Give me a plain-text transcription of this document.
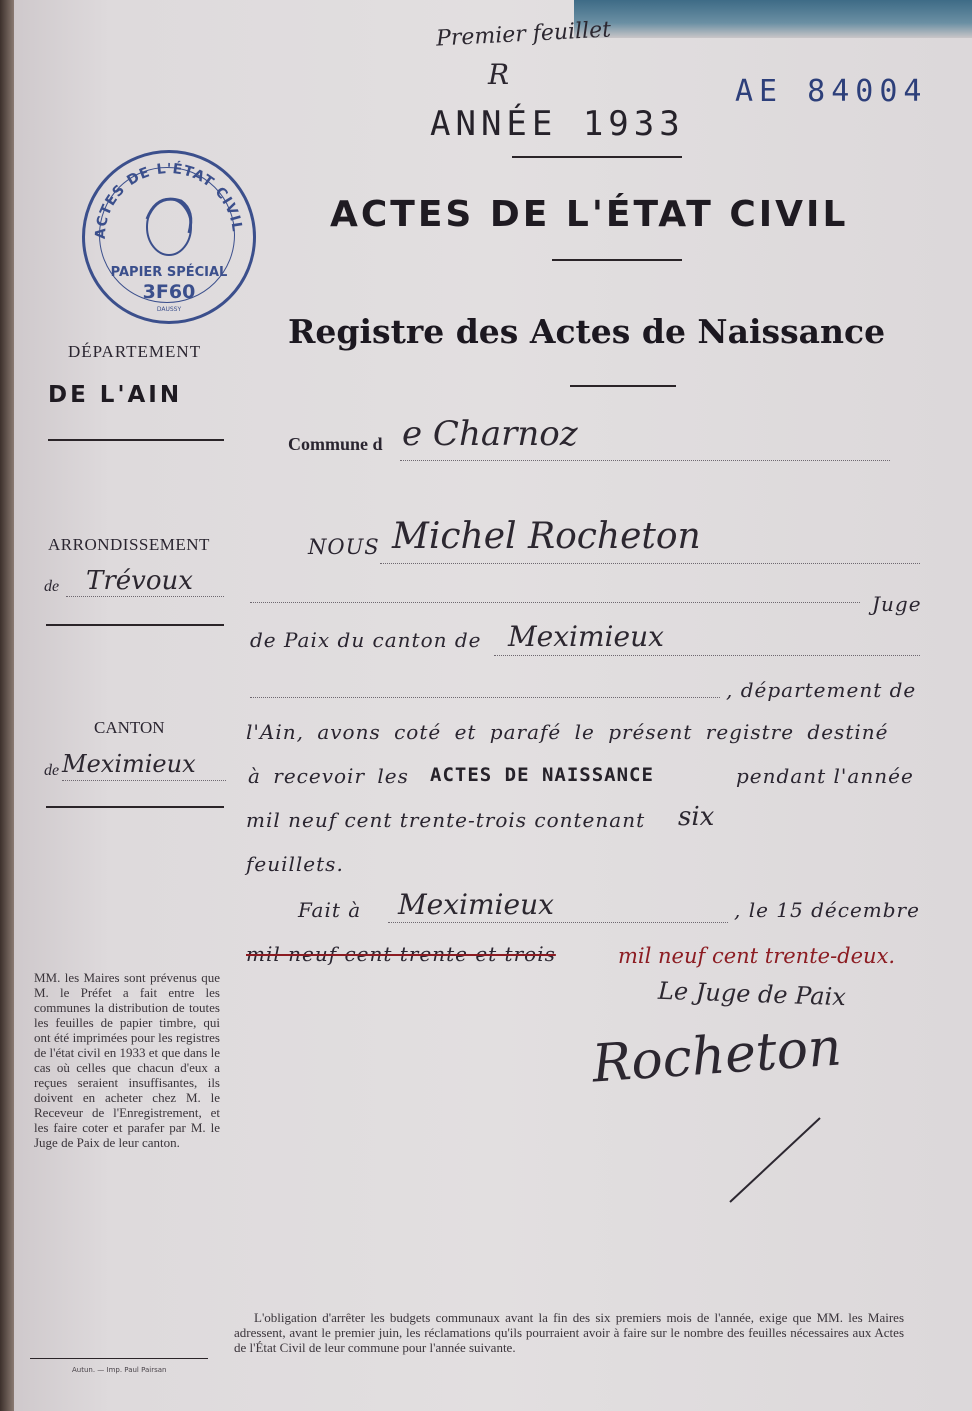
Premier feuillet
R	AE 84004
ANNÉE 1933
ACTES DE L'ÉTAT CIVIL
Registre des Actes de Naissance
ACTES DE L'ÉTAT CIVIL
PAPIER SPÉCIAL
3F60
DAUSSY
DÉPARTEMENT
DE L'AIN
ARRONDISSEMENT
de Trévoux
CANTON
de Meximieux
MM. les Maires sont prévenus que M. le Préfet a fait entre les communes la distribution de toutes les feuilles de papier timbre, qui ont été imprimées pour les registres de l'état civil en 1933 et que dans le cas où celles que chacun d'eux a reçues seraient insuffisantes, ils doivent en acheter chez M. le Receveur de l'Enregistrement, et les faire coter et parafer par M. le Juge de Paix de leur canton.
Autun. — Imp. Paul Pairsan
Commune d e Charnoz
NOUS Michel Rocheton
Juge
de Paix du canton de Meximieux
, département de
l'Ain, avons coté et parafé le présent registre destiné
à recevoir les ACTES DE NAISSANCE	pendant l'année
mil neuf cent trente-trois contenant six
feuillets.
Fait à Meximieux	, le 15 décembre
mil neuf cent trente et trois	mil neuf cent trente-deux.
Le Juge de Paix
Rocheton
L'obligation d'arrêter les budgets communaux avant la fin des six premiers mois de l'année, exige que MM. les Maires adressent, avant le premier juin, les réclamations qu'ils pourraient avoir à faire sur le nombre des feuilles nécessaires aux Actes de l'État Civil de leur commune pour l'année suivante.
